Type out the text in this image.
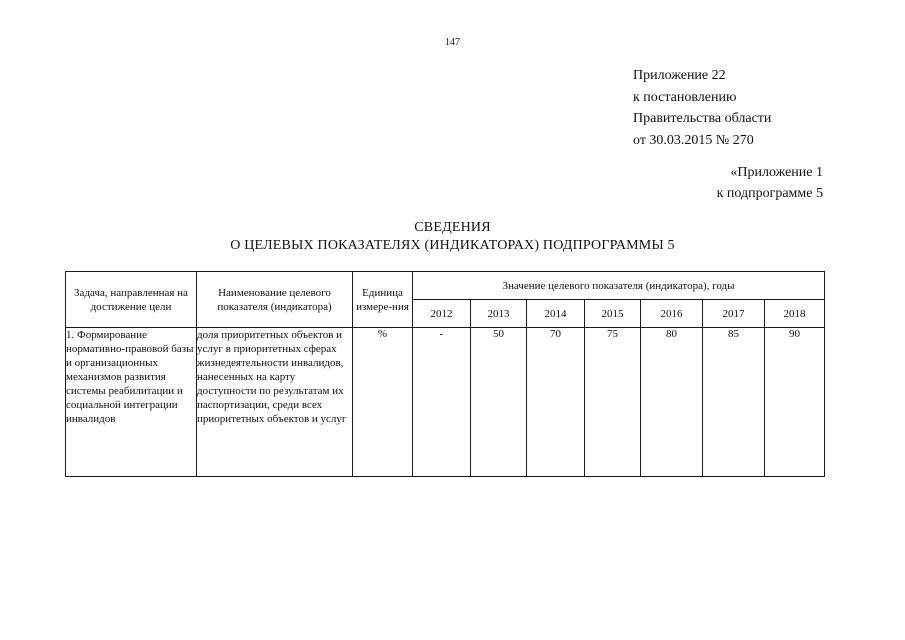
147
Приложение 22
к постановлению
Правительства области
от 30.03.2015 № 270
«Приложение 1
к подпрограмме 5
СВЕДЕНИЯ
О ЦЕЛЕВЫХ ПОКАЗАТЕЛЯХ (ИНДИКАТОРАХ) ПОДПРОГРАММЫ 5
Задача, направленная на достижение цели	Наименование целевого показателя (индикатора)	Единица измере-ния	Значение целевого показателя (индикатора), годы						
			2012	2013	2014	2015	2016	2017	2018
1. Формирование нормативно-правовой базы и организационных механизмов развития системы реабилитации и социальной интеграции инвалидов	доля приоритетных объектов и услуг в приоритетных сферах жизнедеятельности инвалидов, нанесенных на карту доступности по результатам их паспортизации, среди всех приоритетных объектов и услуг	%	-	50	70	75	80	85	90
